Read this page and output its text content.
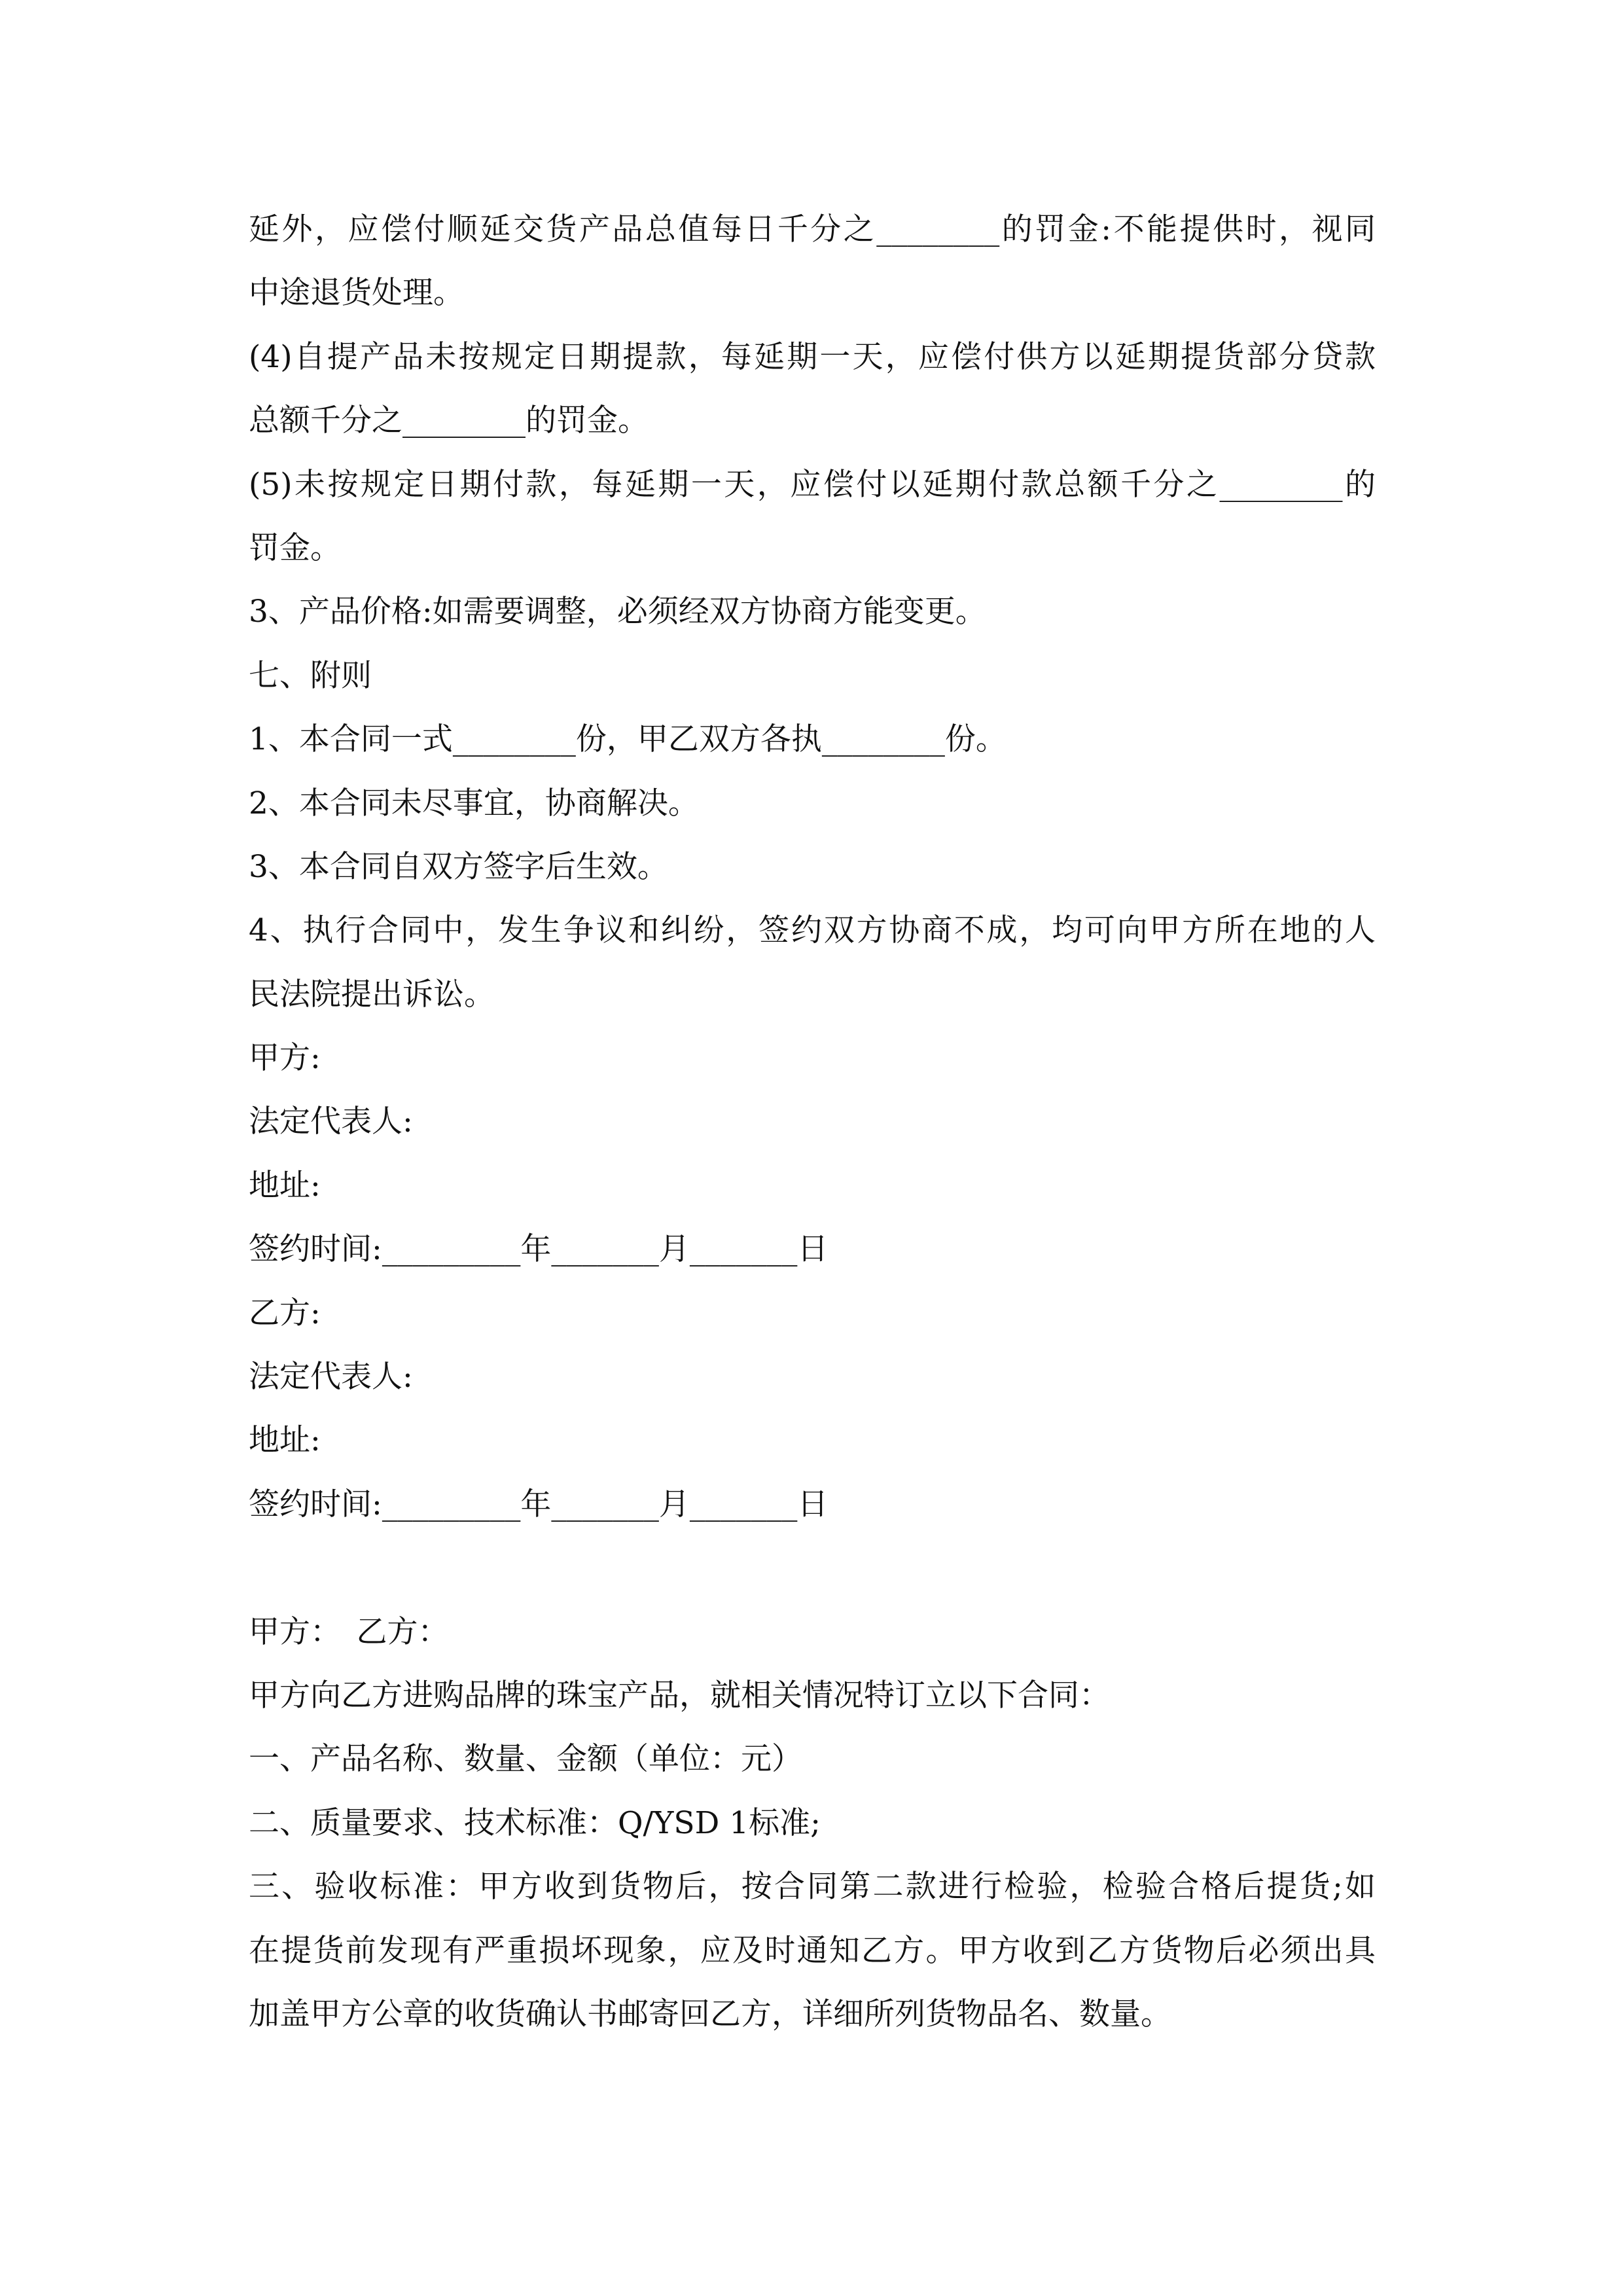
延外，应偿付顺延交货产品总值每日千分之________的罚金:不能提供时，视同
中途退货处理。
(4)自提产品未按规定日期提款，每延期一天，应偿付供方以延期提货部分贷款
总额千分之________的罚金。
(5)未按规定日期付款，每延期一天，应偿付以延期付款总额千分之________的
罚金。
3、产品价格:如需要调整，必须经双方协商方能变更。
七、附则
1、本合同一式________份，甲乙双方各执________份。
2、本合同未尽事宜，协商解决。
3、本合同自双方签字后生效。
4、执行合同中，发生争议和纠纷，签约双方协商不成，均可向甲方所在地的人
民法院提出诉讼。
甲方:
法定代表人:
地址:
签约时间:_________年_______月_______日
乙方:
法定代表人:
地址:
签约时间:_________年_______月_______日
甲方：　乙方：
甲方向乙方进购品牌的珠宝产品，就相关情况特订立以下合同：
一、产品名称、数量、金额（单位：元）
二、质量要求、技术标准：Q/YSD 1标准;
三、验收标准：甲方收到货物后，按合同第二款进行检验，检验合格后提货;如
在提货前发现有严重损坏现象，应及时通知乙方。甲方收到乙方货物后必须出具
加盖甲方公章的收货确认书邮寄回乙方，详细所列货物品名、数量。
